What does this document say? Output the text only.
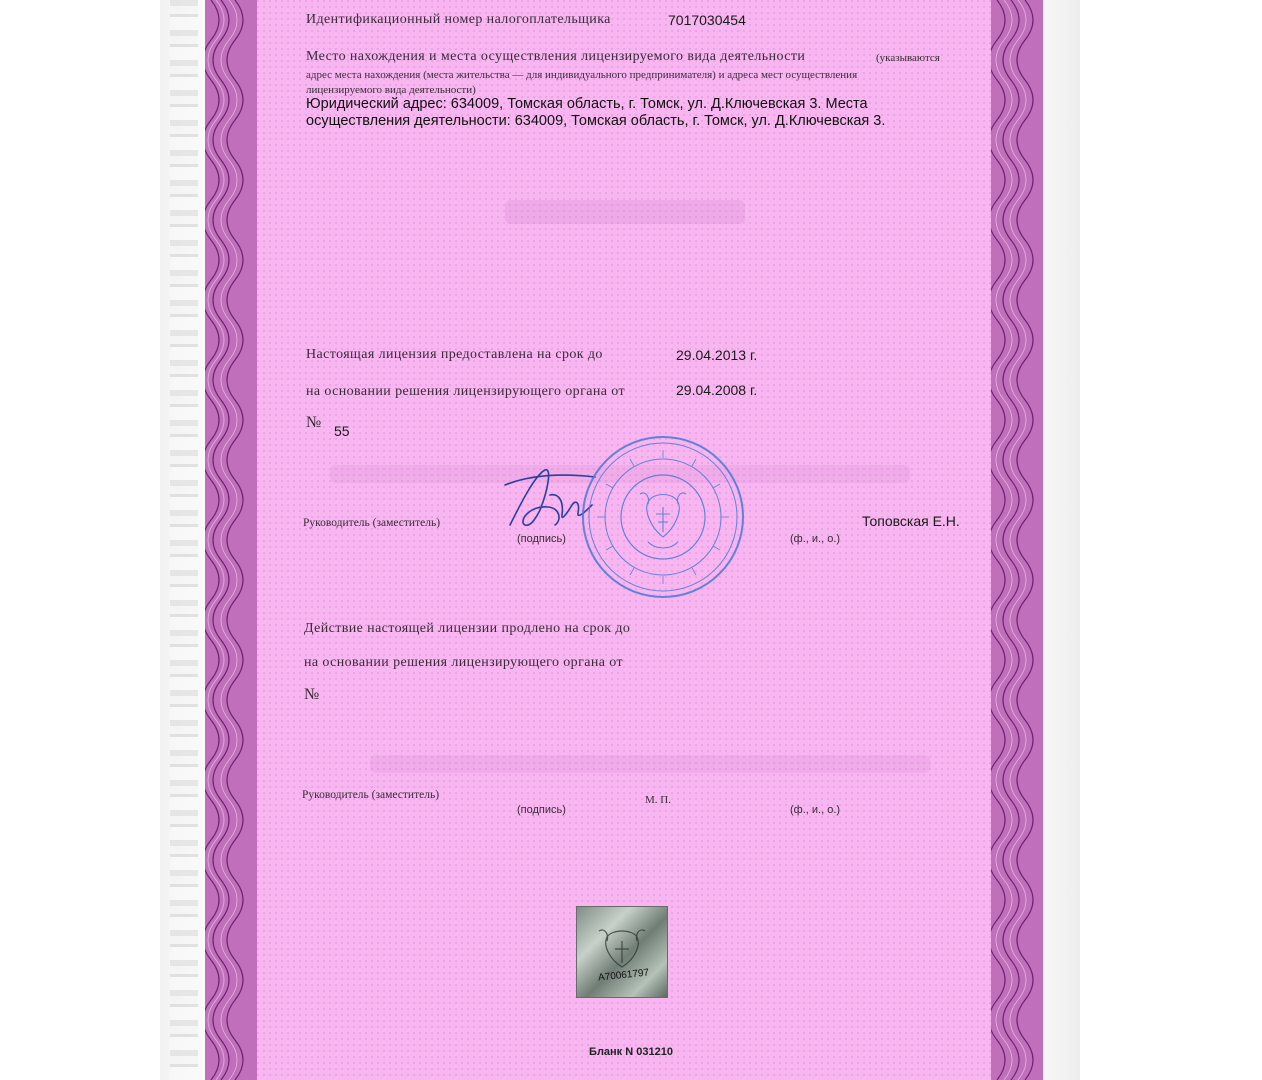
Идентификационный номер налогоплательщика	7017030454
Место нахождения и места осуществления лицензируемого вида деятельности	(указываются
адрес места нахождения (места жительства — для индивидуального предпринимателя) и адреса мест осуществления
лицензируемого вида деятельности)
Юридический адрес: 634009, Томская область, г. Томск, ул. Д.Ключевская 3. Места
осуществления деятельности: 634009, Томская область, г. Томск, ул. Д.Ключевская 3.
Настоящая лицензия предоставлена на срок до	29.04.2013 г.
на основании решения лицензирующего органа от	29.04.2008 г.
№ 55
Руководитель (заместитель)
(подпись)	(ф., и., о.)
Топовская Е.Н.
Действие настоящей лицензии продлено на срок до
на основании решения лицензирующего органа от
№
Руководитель (заместитель)
(подпись)
М. П.
(ф., и., о.)
A70061797
Бланк N 031210
